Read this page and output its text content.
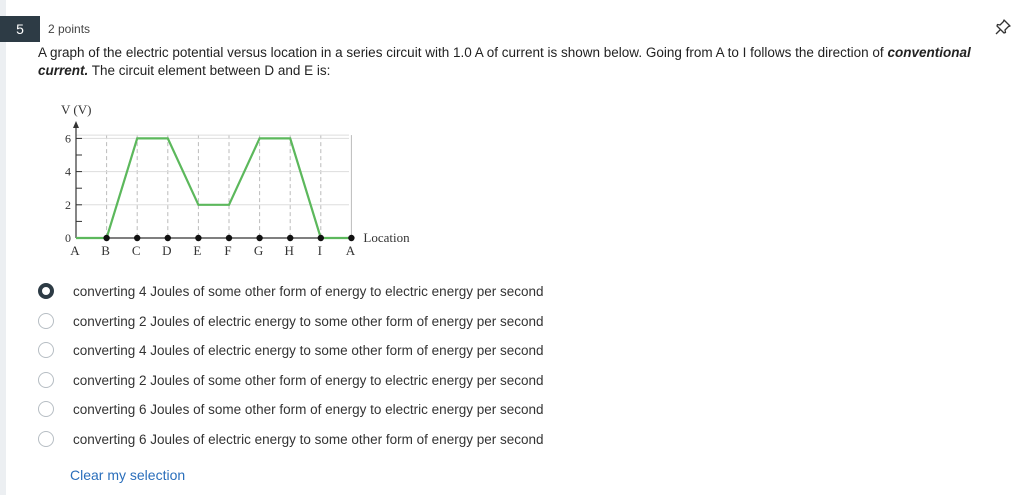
5	2 points
A graph of the electric potential versus location in a series circuit with 1.0 A of current is shown below. Going from A to I follows the direction of conventional current. The circuit element between D and E is:
V (V)
6
4
2
0
A B C D E F G H I A
Location
converting 4 Joules of some other form of energy to electric energy per second
converting 2 Joules of electric energy to some other form of energy per second
converting 4 Joules of electric energy to some other form of energy per second
converting 2 Joules of some other form of energy to electric energy per second
converting 6 Joules of some other form of energy to electric energy per second
converting 6 Joules of electric energy to some other form of energy per second
Clear my selection
